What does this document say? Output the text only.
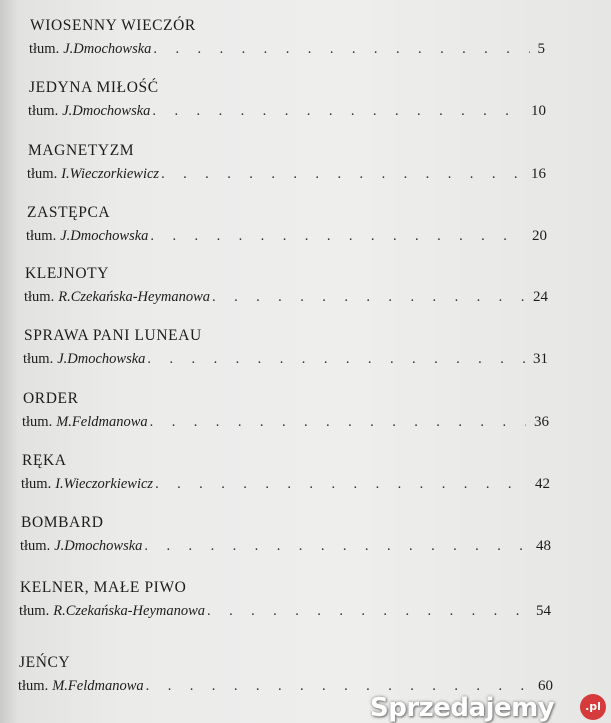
WIOSENNY WIECZÓR
tłum. J.Dmochowska . . .	5
JEDYNA MIŁOŚĆ
tłum. J.Dmochowska . . .	10
MAGNETYZM
tłum. I.Wieczorkiewicz . . .	16
ZASTĘPCA
tłum. J.Dmochowska . . .	20
KLEJNOTY
tłum. R.Czekańska-Heymanowa . . .	24
SPRAWA PANI LUNEAU
tłum. J.Dmochowska . . .	31
ORDER
tłum. M.Feldmanowa . . .	36
RĘKA
tłum. I.Wieczorkiewicz . . .	42
BOMBARD
tłum. J.Dmochowska . . .	48
KELNER, MAŁE PIWO
tłum. R.Czekańska-Heymanowa . . .	54
JEŃCY
tłum. M.Feldmanowa . . .	60
Sprzedajemy	.pl
